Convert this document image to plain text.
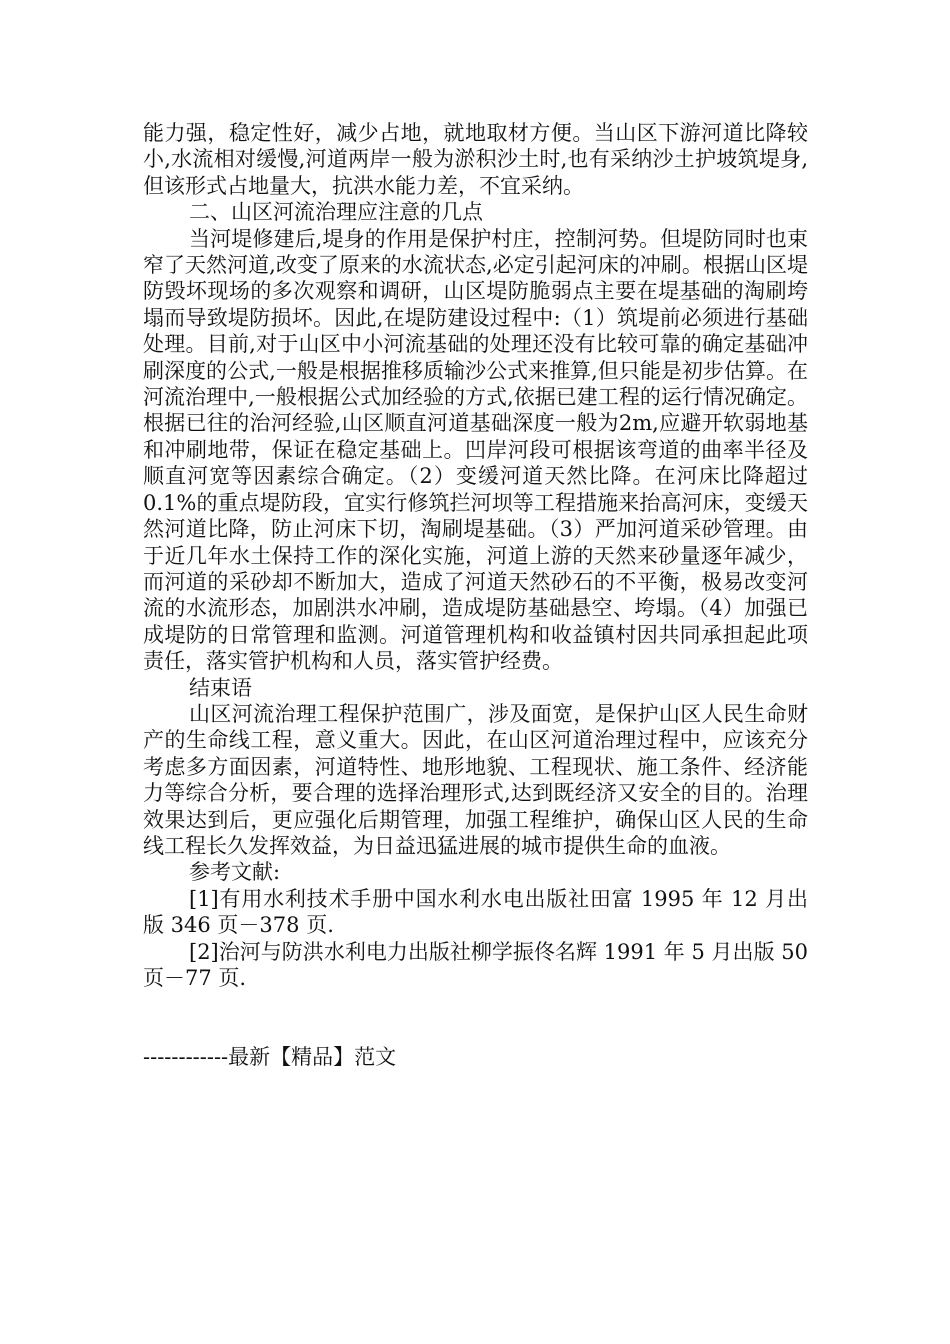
能力强，稳定性好，减少占地，就地取材方便。当山区下游河道比降较小,水流相对缓慢,河道两岸一般为淤积沙土时,也有采纳沙土护坡筑堤身,但该形式占地量大，抗洪水能力差，不宜采纳。

二、山区河流治理应注意的几点

当河堤修建后,堤身的作用是保护村庄，控制河势。但堤防同时也束窄了天然河道,改变了原来的水流状态,必定引起河床的冲刷。根据山区堤防毁坏现场的多次观察和调研，山区堤防脆弱点主要在堤基础的淘刷垮塌而导致堤防损坏。因此,在堤防建设过程中:（1）筑堤前必须进行基础处理。目前,对于山区中小河流基础的处理还没有比较可靠的确定基础冲刷深度的公式,一般是根据推移质输沙公式来推算,但只能是初步估算。在河流治理中,一般根据公式加经验的方式,依据已建工程的运行情况确定。根据已往的治河经验,山区顺直河道基础深度一般为2m,应避开软弱地基和冲刷地带，保证在稳定基础上。凹岸河段可根据该弯道的曲率半径及顺直河宽等因素综合确定。（2）变缓河道天然比降。在河床比降超过0.1%的重点堤防段，宜实行修筑拦河坝等工程措施来抬高河床，变缓天然河道比降，防止河床下切，淘刷堤基础。（3）严加河道采砂管理。由于近几年水土保持工作的深化实施，河道上游的天然来砂量逐年减少，而河道的采砂却不断加大，造成了河道天然砂石的不平衡，极易改变河流的水流形态，加剧洪水冲刷，造成堤防基础悬空、垮塌。（4）加强已成堤防的日常管理和监测。河道管理机构和收益镇村因共同承担起此项责任，落实管护机构和人员，落实管护经费。

结束语

山区河流治理工程保护范围广，涉及面宽，是保护山区人民生命财产的生命线工程，意义重大。因此，在山区河道治理过程中，应该充分考虑多方面因素，河道特性、地形地貌、工程现状、施工条件、经济能力等综合分析，要合理的选择治理形式,达到既经济又安全的目的。治理效果达到后，更应强化后期管理，加强工程维护，确保山区人民的生命线工程长久发挥效益，为日益迅猛进展的城市提供生命的血液。

参考文献:

[1]有用水利技术手册中国水利水电出版社田富 1995 年 12 月出版 346 页－378 页.

[2]治河与防洪水利电力出版社柳学振佟名辉 1991 年 5 月出版 50 页－77 页.

------------最新【精品】范文
